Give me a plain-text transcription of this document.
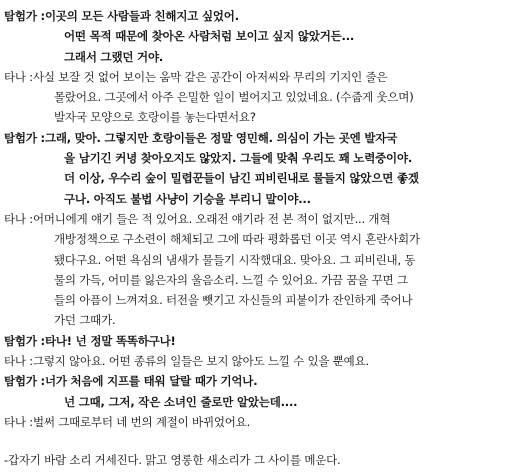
탐험가 :이곳의 모든 사람들과 친해지고 싶었어.
어떤 목적 때문에 찾아온 사람처럼 보이고 싶지 않았거든...
그래서 그랬던 거야.
타나 :사실 보잘 것 없어 보이는 움막 같은 공간이 아저씨와 무리의 기지인 줄은
몰랐어요. 그곳에서 아주 은밀한 일이 벌어지고 있었네요. (수줍게 웃으며)
발자국 모양으로 호랑이를 놓는다면서요?
탐험가 :그래, 맞아. 그렇지만 호랑이들은 정말 영민해. 의심이 가는 곳엔 발자국
을 남기긴 커녕 찾아오지도 않았지. 그들에 맞춰 우리도 꽤 노력중이야.
더 이상, 우수리 숲이 밀렵꾼들이 남긴 피비린내로 물들지 않았으면 좋겠
구나. 아직도 불법 사냥이 기승을 부리니 말이야...
타나 :어머니에게 얘기 들은 적 있어요. 오래전 얘기라 전 본 적이 없지만... 개혁
개방정책으로 구소련이 해체되고 그에 따라 평화롭던 이곳 역시 혼란사회가
됐다구요. 어떤 욕심의 냄새가 물들기 시작했대요. 맞아요. 그 피비린내, 동
물의 가득, 어미를 잃은자의 울음소리. 느낄 수 있어요. 가끔 꿈을 꾸면 그
들의 아픔이 느껴져요. 터전을 뺏기고 자신들의 피붙이가 잔인하게 죽어나
가던 그때가.
탐험가 :타나! 넌 정말 똑똑하구나!
타나 :그렇지 않아요. 어떤 종류의 일들은 보지 않아도 느낄 수 있을 뿐예요.
탐험가 :너가 처음에 지프를 태워 달랄 때가 기억나.
넌 그때, 그저, 작은 소녀인 줄로만 알았는데....
타나 :벌써 그때로부터 네 번의 계절이 바뀌었어요.
-갑자기 바람 소리 거세진다. 맑고 영롱한 새소리가 그 사이를 메운다.
